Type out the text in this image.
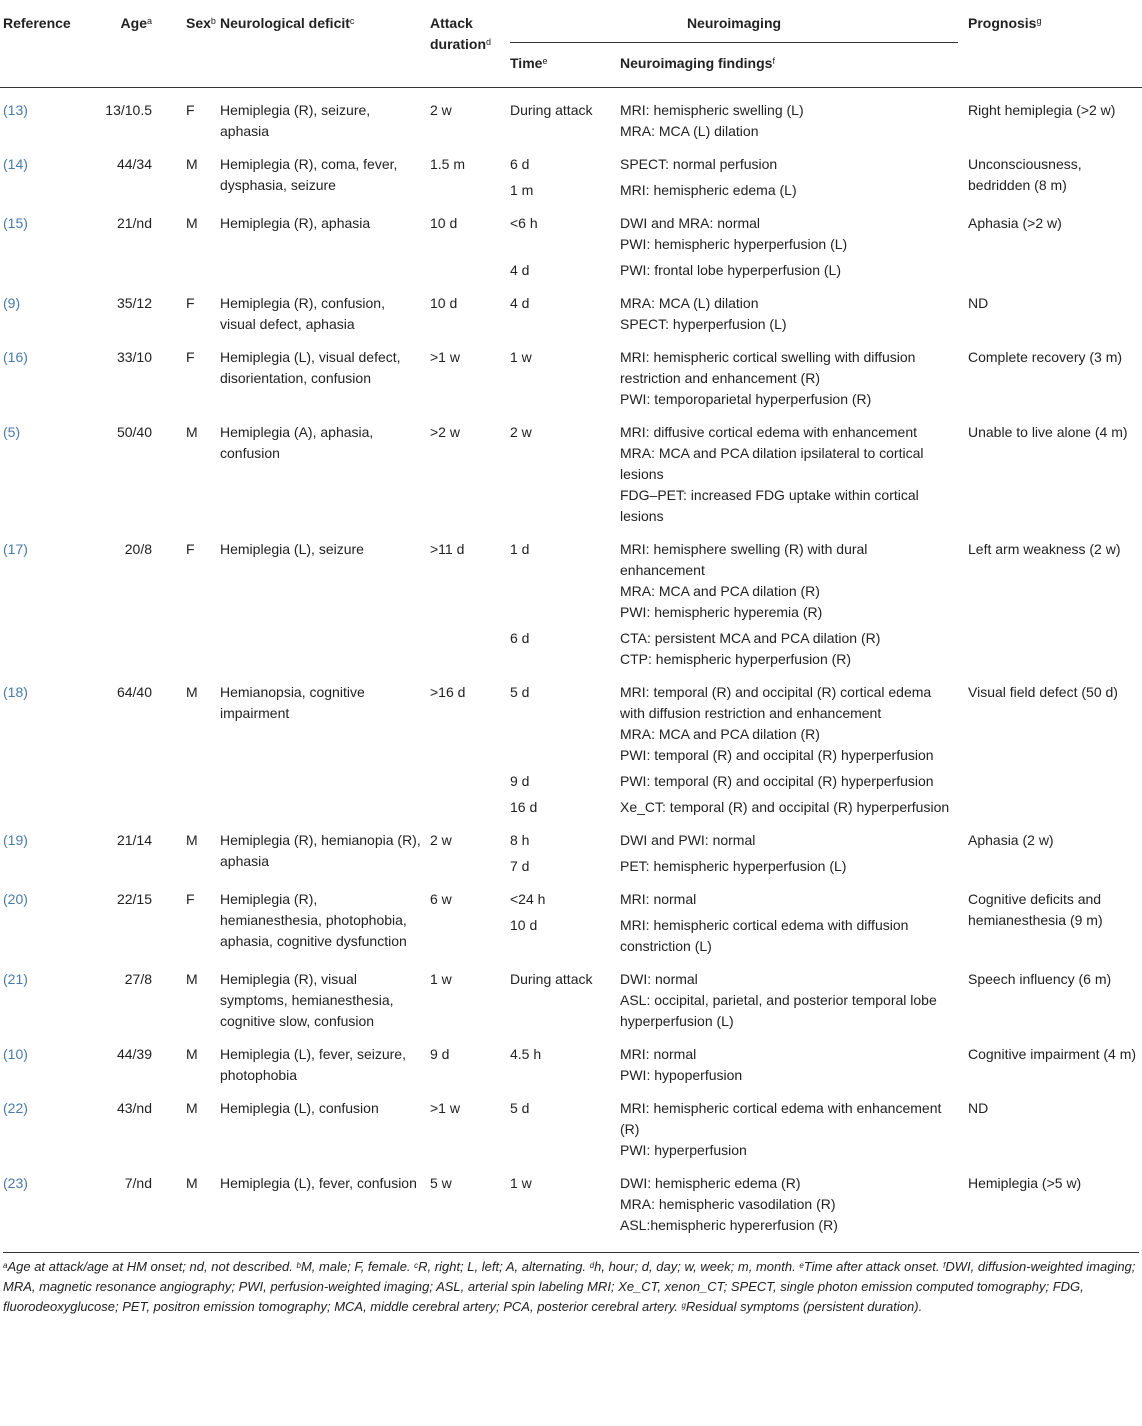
Reference	Age$^a$	Sex$^b$	Neurological deficit$^c$	Attack
duration$^d$	Neuroimaging		Prognosis$^g$
					Time$^e$	Neuroimaging findings$^f$
(13)	13/10.5	F	Hemiplegia (R), seizure, aphasia	2 w	During attack	MRI: hemispheric swelling (L)
MRA: MCA (L) dilation	Right hemiplegia (>2 w)
(14)	44/34	M	Hemiplegia (R), coma, fever, dysphasia, seizure	1.5 m	6 d	SPECT: normal perfusion	Unconsciousness, bedridden (8 m)
					1 m	MRI: hemispheric edema (L)	

(15)	21/nd	M	Hemiplegia (R), aphasia	10 d	<6 h	DWI and MRA: normal
PWI: hemispheric hyperperfusion (L)	Aphasia (>2 w)
					4 d	PWI: frontal lobe hyperperfusion (L)	

(9)	35/12	F	Hemiplegia (R), confusion, visual defect, aphasia	10 d	4 d	MRA: MCA (L) dilation
SPECT: hyperperfusion (L)	ND
(16)	33/10	F	Hemiplegia (L), visual defect, disorientation, confusion	>1 w	1 w	MRI: hemispheric cortical swelling with diffusion restriction and enhancement (R)
PWI: temporoparietal hyperperfusion (R)	Complete recovery (3 m)
(5)	50/40	M	Hemiplegia (A), aphasia, confusion	>2 w	2 w	MRI: diffusive cortical edema with enhancement
MRA: MCA and PCA dilation ipsilateral to cortical lesions
FDG–PET: increased FDG uptake within cortical lesions	Unable to live alone (4 m)
(17)	20/8	F	Hemiplegia (L), seizure	>11 d	1 d	MRI: hemisphere swelling (R) with dural enhancement
MRA: MCA and PCA dilation (R)
PWI: hemispheric hyperemia (R)	Left arm weakness (2 w)
					6 d	CTA: persistent MCA and PCA dilation (R)
CTP: hemispheric hyperperfusion (R)	

(18)	64/40	M	Hemianopsia, cognitive impairment	>16 d	5 d	MRI: temporal (R) and occipital (R) cortical edema with diffusion restriction and enhancement
MRA: MCA and PCA dilation (R)
PWI: temporal (R) and occipital (R) hyperperfusion	Visual field defect (50 d)
					9 d	PWI: temporal (R) and occipital (R) hyperperfusion	

					16 d	Xe_CT: temporal (R) and occipital (R) hyperperfusion	

(19)	21/14	M	Hemiplegia (R), hemianopia (R), aphasia	2 w	8 h	DWI and PWI: normal	Aphasia (2 w)
					7 d	PET: hemispheric hyperperfusion (L)	

(20)	22/15	F	Hemiplegia (R), hemianesthesia, photophobia, aphasia, cognitive dysfunction	6 w	<24 h	MRI: normal	Cognitive deficits and hemianesthesia (9 m)
					10 d	MRI: hemispheric cortical edema with diffusion constriction (L)	

(21)	27/8	M	Hemiplegia (R), visual symptoms, hemianesthesia, cognitive slow, confusion	1 w	During attack	DWI: normal
ASL: occipital, parietal, and posterior temporal lobe hyperperfusion (L)	Speech influency (6 m)
(10)	44/39	M	Hemiplegia (L), fever, seizure, photophobia	9 d	4.5 h	MRI: normal
PWI: hypoperfusion	Cognitive impairment (4 m)
(22)	43/nd	M	Hemiplegia (L), confusion	>1 w	5 d	MRI: hemispheric cortical edema with enhancement (R)
PWI: hyperperfusion	ND
(23)	7/nd	M	Hemiplegia (L), fever, confusion	5 w	1 w	DWI: hemispheric edema (R)
MRA: hemispheric vasodilation (R)
ASL:hemispheric hypererfusion (R)	Hemiplegia (>5 w)
$^a$Age at attack/age at HM onset; nd, not described. $^b$M, male; F, female. $^c$R, right; L, left; A, alternating. $^d$h, hour; d, day; w, week; m, month. $^e$Time after attack onset. $^f$DWI, diffusion-weighted imaging; MRA, magnetic resonance angiography; PWI, perfusion-weighted imaging; ASL, arterial spin labeling MRI; Xe_CT, xenon_CT; SPECT, single photon emission computed tomography; FDG, fluorodeoxyglucose; PET, positron emission tomography; MCA, middle cerebral artery; PCA, posterior cerebral artery. $^g$Residual symptoms (persistent duration).
